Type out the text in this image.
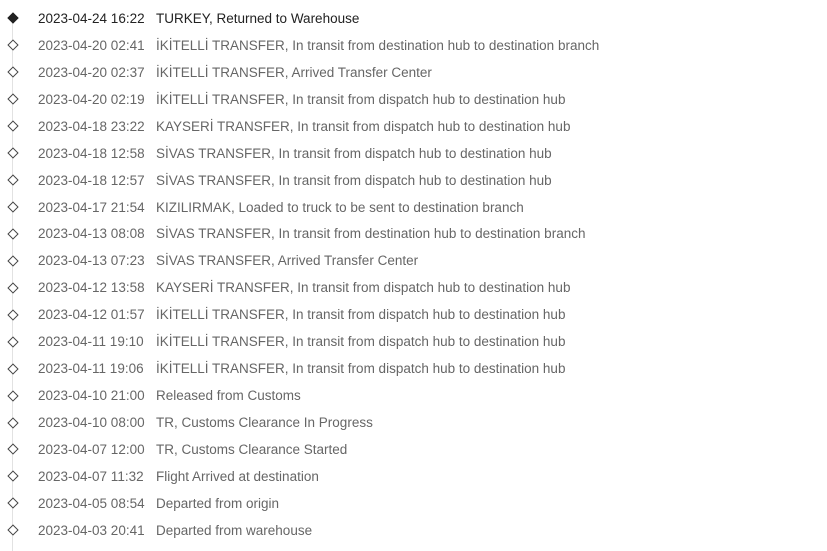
2023-04-24 16:22 TURKEY, Returned to Warehouse
2023-04-20 02:41 İKİTELLİ TRANSFER, In transit from destination hub to destination branch
2023-04-20 02:37 İKİTELLİ TRANSFER, Arrived Transfer Center
2023-04-20 02:19 İKİTELLİ TRANSFER, In transit from dispatch hub to destination hub
2023-04-18 23:22 KAYSERİ TRANSFER, In transit from dispatch hub to destination hub
2023-04-18 12:58 SİVAS TRANSFER, In transit from dispatch hub to destination hub
2023-04-18 12:57 SİVAS TRANSFER, In transit from dispatch hub to destination hub
2023-04-17 21:54 KIZILIRMAK, Loaded to truck to be sent to destination branch
2023-04-13 08:08 SİVAS TRANSFER, In transit from destination hub to destination branch
2023-04-13 07:23 SİVAS TRANSFER, Arrived Transfer Center
2023-04-12 13:58 KAYSERİ TRANSFER, In transit from dispatch hub to destination hub
2023-04-12 01:57 İKİTELLİ TRANSFER, In transit from dispatch hub to destination hub
2023-04-11 19:10 İKİTELLİ TRANSFER, In transit from dispatch hub to destination hub
2023-04-11 19:06 İKİTELLİ TRANSFER, In transit from dispatch hub to destination hub
2023-04-10 21:00 Released from Customs
2023-04-10 08:00 TR, Customs Clearance In Progress
2023-04-07 12:00 TR, Customs Clearance Started
2023-04-07 11:32 Flight Arrived at destination
2023-04-05 08:54 Departed from origin
2023-04-03 20:41 Departed from warehouse
